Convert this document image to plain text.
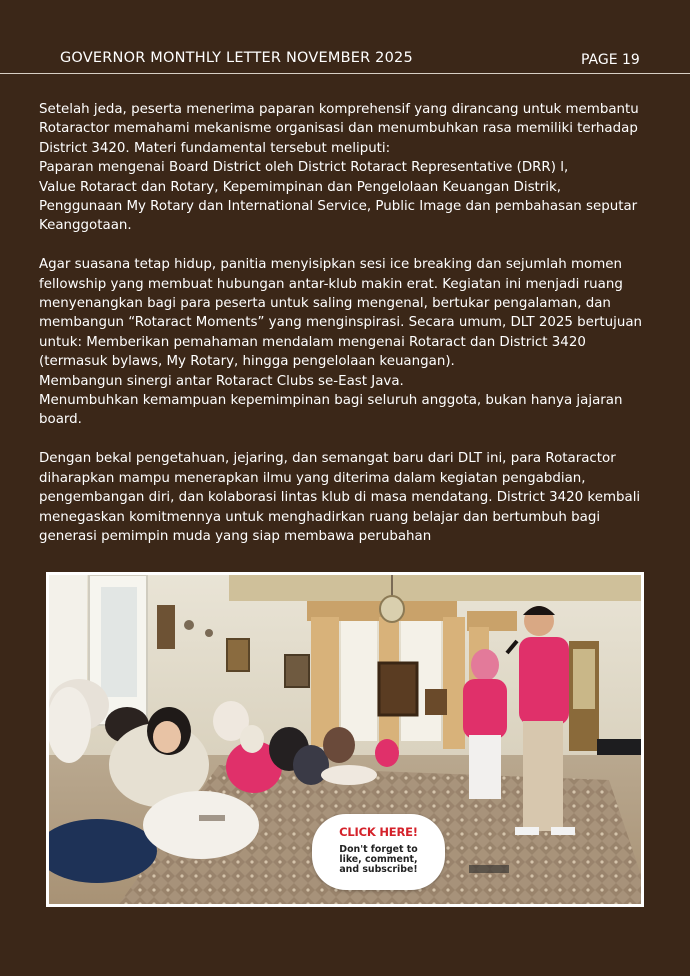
GOVERNOR MONTHLY LETTER NOVEMBER 2025	PAGE 19

Setelah jeda, peserta menerima paparan komprehensif yang dirancang untuk membantu
Rotaractor memahami mekanisme organisasi dan menumbuhkan rasa memiliki terhadap
District 3420. Materi fundamental tersebut meliputi:
Paparan mengenai Board District oleh District Rotaract Representative (DRR) l,
Value Rotaract dan Rotary, Kepemimpinan dan Pengelolaan Keuangan Distrik,
Penggunaan My Rotary dan International Service, Public Image dan pembahasan seputar
Keanggotaan.

Agar suasana tetap hidup, panitia menyisipkan sesi ice breaking dan sejumlah momen
fellowship yang membuat hubungan antar-klub makin erat. Kegiatan ini menjadi ruang
menyenangkan bagi para peserta untuk saling mengenal, bertukar pengalaman, dan
membangun “Rotaract Moments” yang menginspirasi. Secara umum, DLT 2025 bertujuan
untuk: Memberikan pemahaman mendalam mengenai Rotaract dan District 3420
(termasuk bylaws, My Rotary, hingga pengelolaan keuangan).
Membangun sinergi antar Rotaract Clubs se-East Java.
Menumbuhkan kemampuan kepemimpinan bagi seluruh anggota, bukan hanya jajaran
board.

Dengan bekal pengetahuan, jejaring, dan semangat baru dari DLT ini, para Rotaractor
diharapkan mampu menerapkan ilmu yang diterima dalam kegiatan pengabdian,
pengembangan diri, dan kolaborasi lintas klub di masa mendatang. District 3420 kembali
menegaskan komitmennya untuk menghadirkan ruang belajar dan bertumbuh bagi
generasi pemimpin muda yang siap membawa perubahan

CLICK HERE!
Don't forget to
like, comment,
and subscribe!
